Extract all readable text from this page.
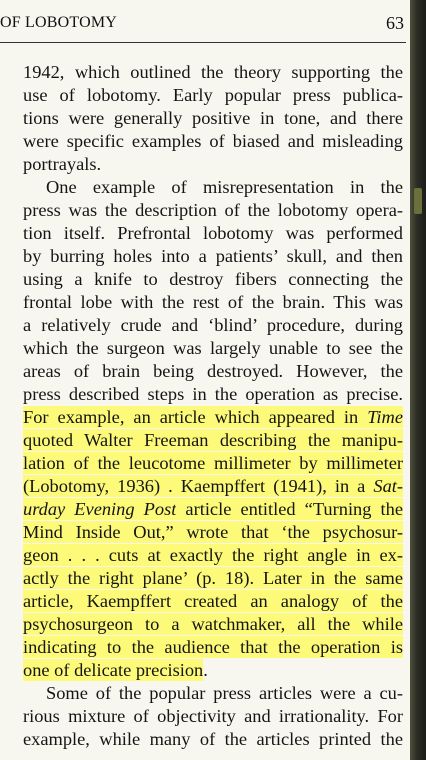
OF LOBOTOMY	63
1942, which outlined the theory supporting the
use of lobotomy. Early popular press publica-
tions were generally positive in tone, and there
were specific examples of biased and misleading
portrayals.
One example of misrepresentation in the
press was the description of the lobotomy opera-
tion itself. Prefrontal lobotomy was performed
by burring holes into a patients’ skull, and then
using a knife to destroy fibers connecting the
frontal lobe with the rest of the brain. This was
a relatively crude and ‘blind’ procedure, during
which the surgeon was largely unable to see the
areas of brain being destroyed. However, the
press described steps in the operation as precise.
For example, an article which appeared in Time
quoted Walter Freeman describing the manipu-
lation of the leucotome millimeter by millimeter
(Lobotomy, 1936) . Kaempffert (1941), in a Sat-
urday Evening Post article entitled “Turning the
Mind Inside Out,” wrote that ‘the psychosur-
geon . . . cuts at exactly the right angle in ex-
actly the right plane’ (p. 18). Later in the same
article, Kaempffert created an analogy of the
psychosurgeon to a watchmaker, all the while
indicating to the audience that the operation is
one of delicate precision.
Some of the popular press articles were a cu-
rious mixture of objectivity and irrationality. For
example, while many of the articles printed the
